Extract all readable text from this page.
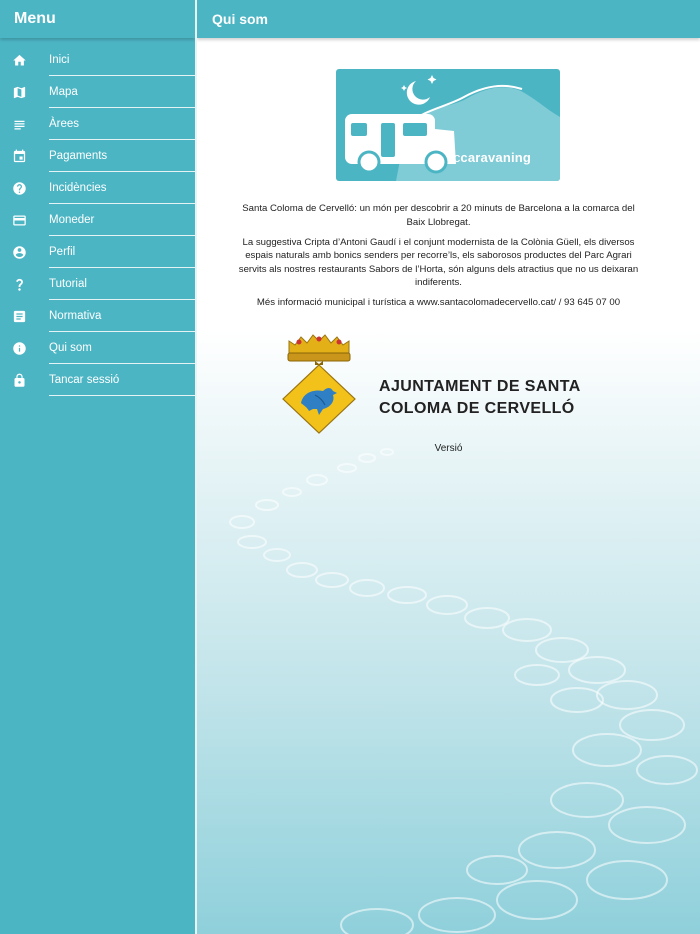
Menu
Inici
Mapa
Àrees
Pagaments
Incidències
Moneder
Perfil
Tutorial
Normativa
Qui som
Tancar sessió
Qui som
sccaravaning

Santa Coloma de Cervelló: un món per descobrir a 20 minuts de Barcelona a la comarca del Baix Llobregat.

La suggestiva Cripta d’Antoni Gaudí i el conjunt modernista de la Colònia Güell, els diversos espais naturals amb bonics senders per recorre’ls, els saborosos productes del Parc Agrari servits als nostres restaurants Sabors de l’Horta, són alguns dels atractius que no us deixaran indiferents.

Més informació municipal i turística a www.santacolomadecervello.cat/ / 93 645 07 00

AJUNTAMENT DE SANTA
COLOMA DE CERVELLÓ
Versió
